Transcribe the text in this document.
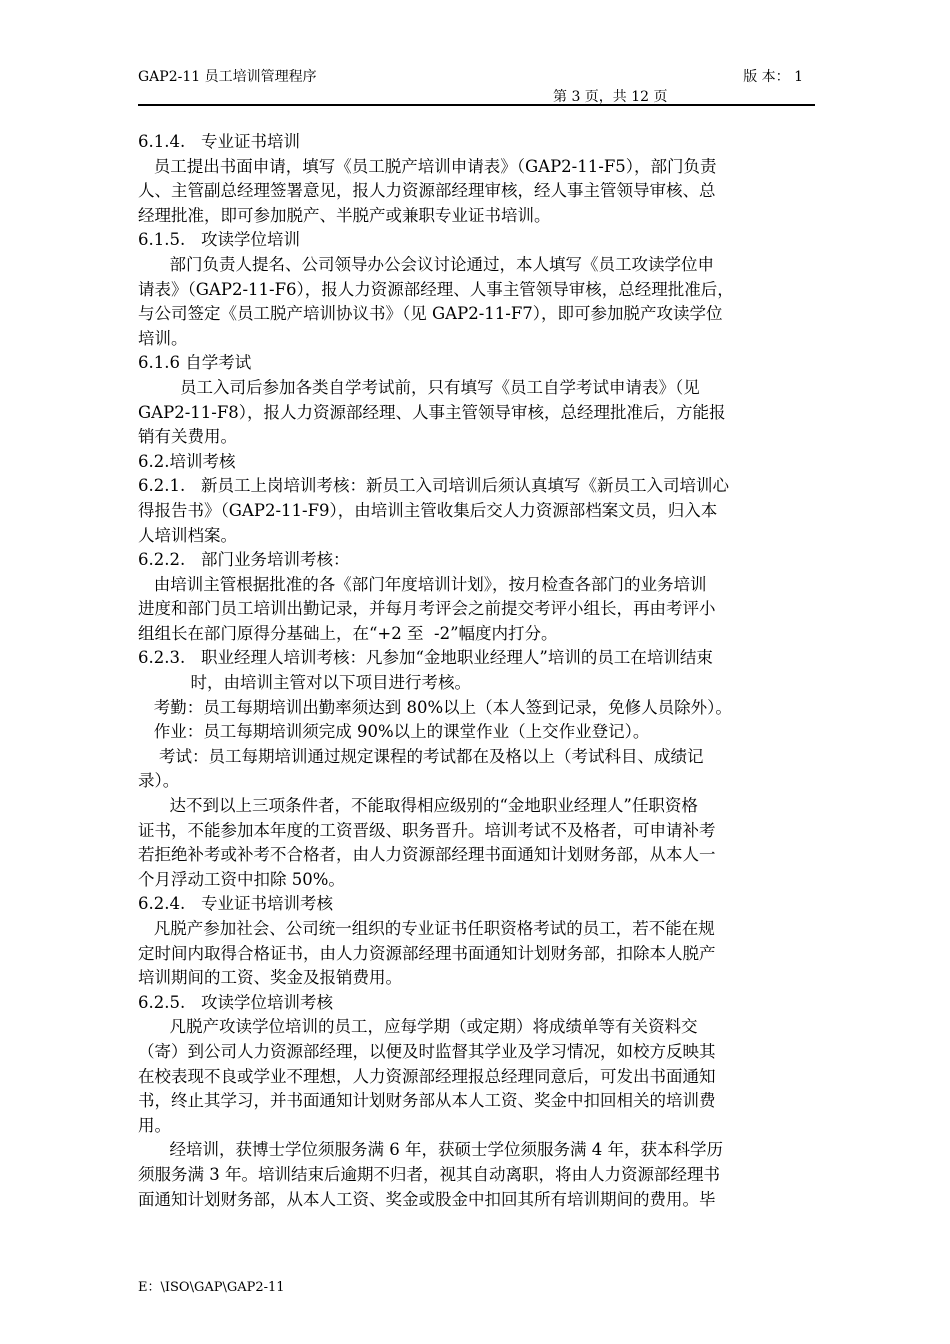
GAP2-11 员工培训管理程序	版 本： 1
第 3 页，共 12 页
6.1.4.   专业证书培训
员工提出书面申请，填写《员工脱产培训申请表》（GAP2-11-F5），部门负责
人、主管副总经理签署意见，报人力资源部经理审核，经人事主管领导审核、总
经理批准，即可参加脱产、半脱产或兼职专业证书培训。
6.1.5.   攻读学位培训
部门负责人提名、公司领导办公会议讨论通过，本人填写《员工攻读学位申
请表》（GAP2-11-F6），报人力资源部经理、人事主管领导审核，总经理批准后，
与公司签定《员工脱产培训协议书》（见 GAP2-11-F7），即可参加脱产攻读学位
培训。
6.1.6 自学考试
员工入司后参加各类自学考试前，只有填写《员工自学考试申请表》（见
GAP2-11-F8），报人力资源部经理、人事主管领导审核，总经理批准后，方能报
销有关费用。
6.2.培训考核
6.2.1.   新员工上岗培训考核：新员工入司培训后须认真填写《新员工入司培训心
得报告书》（GAP2-11-F9），由培训主管收集后交人力资源部档案文员，归入本
人培训档案。
6.2.2.   部门业务培训考核：
由培训主管根据批准的各《部门年度培训计划》，按月检查各部门的业务培训
进度和部门员工培训出勤记录，并每月考评会之前提交考评小组长，再由考评小
组组长在部门原得分基础上，在“+2 至  -2”幅度内打分。
6.2.3.   职业经理人培训考核：凡参加“金地职业经理人”培训的员工在培训结束
时，由培训主管对以下项目进行考核。
考勤：员工每期培训出勤率须达到 80%以上（本人签到记录，免修人员除外）。
作业：员工每期培训须完成 90%以上的课堂作业（上交作业登记）。
考试：员工每期培训通过规定课程的考试都在及格以上（考试科目、成绩记
录）。
达不到以上三项条件者，不能取得相应级别的“金地职业经理人”任职资格
证书，不能参加本年度的工资晋级、职务晋升。培训考试不及格者，可申请补考
若拒绝补考或补考不合格者，由人力资源部经理书面通知计划财务部，从本人一
个月浮动工资中扣除 50%。
6.2.4.   专业证书培训考核
凡脱产参加社会、公司统一组织的专业证书任职资格考试的员工，若不能在规
定时间内取得合格证书，由人力资源部经理书面通知计划财务部，扣除本人脱产
培训期间的工资、奖金及报销费用。
6.2.5.   攻读学位培训考核
凡脱产攻读学位培训的员工，应每学期（或定期）将成绩单等有关资料交
（寄）到公司人力资源部经理，以便及时监督其学业及学习情况，如校方反映其
在校表现不良或学业不理想，人力资源部经理报总经理同意后，可发出书面通知
书，终止其学习，并书面通知计划财务部从本人工资、奖金中扣回相关的培训费
用。
经培训，获博士学位须服务满 6 年，获硕士学位须服务满 4 年，获本科学历
须服务满 3 年。培训结束后逾期不归者，视其自动离职，将由人力资源部经理书
面通知计划财务部，从本人工资、奖金或股金中扣回其所有培训期间的费用。毕
E：\ISO\GAP\GAP2-11
